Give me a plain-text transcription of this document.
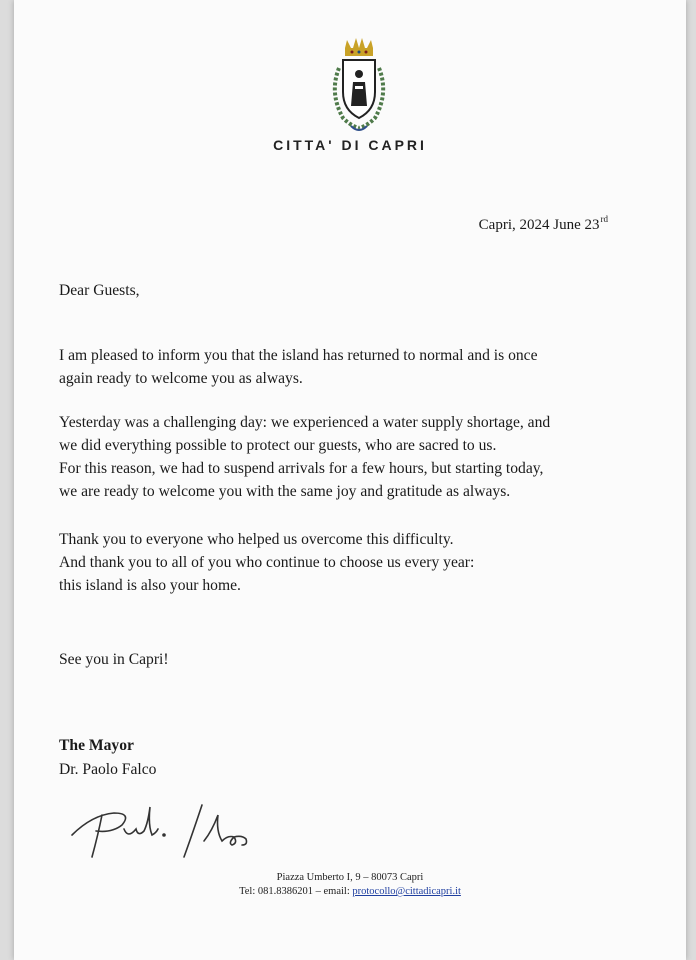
CITTA' DI CAPRI
Capri, 2024 June 23rd

Dear Guests,

I am pleased to inform you that the island has returned to normal and is once

again ready to welcome you as always.

Yesterday was a challenging day: we experienced a water supply shortage, and

we did everything possible to protect our guests, who are sacred to us.

For this reason, we had to suspend arrivals for a few hours, but starting today,

we are ready to welcome you with the same joy and gratitude as always.

Thank you to everyone who helped us overcome this difficulty.

And thank you to all of you who continue to choose us every year:

this island is also your home.

See you in Capri!

The Mayor
Dr. Paolo Falco
Piazza Umberto I, 9 – 80073 Capri
Tel: 081.8386201 – email: protocollo@cittadicapri.it
